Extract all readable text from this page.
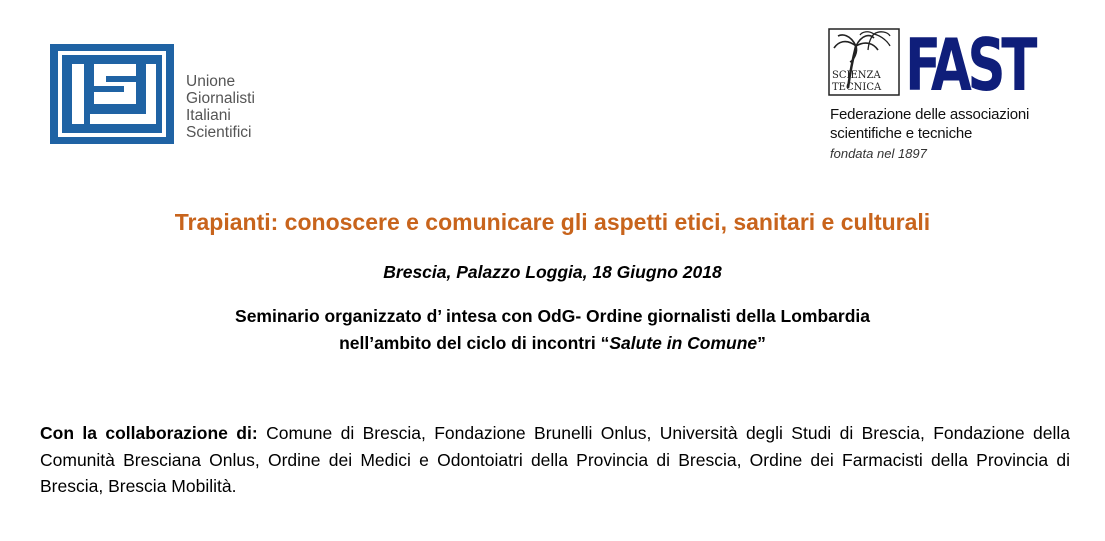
Unione
Giornalisti
Italiani
Scientifici
SCIENZA
TECNICA FAST
Federazione delle associazioni
scientifiche e tecniche
fondata nel 1897
Trapianti: conoscere e comunicare gli aspetti etici, sanitari e culturali
Brescia, Palazzo Loggia, 18 Giugno 2018
Seminario organizzato d’ intesa con OdG- Ordine giornalisti della Lombardia
nell’ambito del ciclo di incontri “Salute in Comune”
Con la collaborazione di: Comune di Brescia, Fondazione Brunelli Onlus, Università degli Studi di Brescia, Fondazione della Comunità Bresciana Onlus, Ordine dei Medici e Odontoiatri della Provincia di Brescia, Ordine dei Farmacisti della Provincia di Brescia, Brescia Mobilità.
